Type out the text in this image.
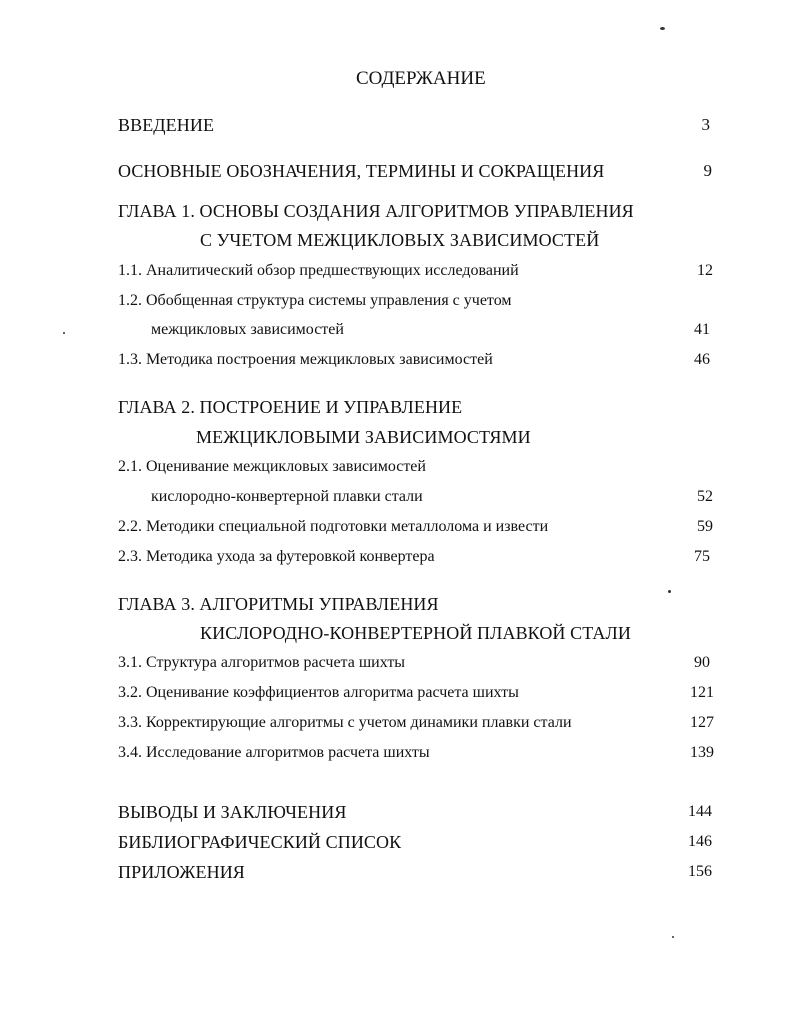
СОДЕРЖАНИЕ
ВВЕДЕНИЕ	3
ОСНОВНЫЕ ОБОЗНАЧЕНИЯ, ТЕРМИНЫ И СОКРАЩЕНИЯ	9
ГЛАВА 1. ОСНОВЫ СОЗДАНИЯ АЛГОРИТМОВ УПРАВЛЕНИЯ
С УЧЕТОМ МЕЖЦИКЛОВЫХ ЗАВИСИМОСТЕЙ
1.1. Аналитический обзор предшествующих исследований	12
1.2. Обобщенная структура системы управления с учетом
межцикловых зависимостей	41
1.3. Методика построения межцикловых зависимостей	46
ГЛАВА 2. ПОСТРОЕНИЕ И УПРАВЛЕНИЕ
МЕЖЦИКЛОВЫМИ ЗАВИСИМОСТЯМИ
2.1. Оценивание межцикловых зависимостей
кислородно-конвертерной плавки стали	52
2.2. Методики специальной подготовки металлолома и извести	59
2.3. Методика ухода за футеровкой конвертера	75
ГЛАВА 3. АЛГОРИТМЫ УПРАВЛЕНИЯ
КИСЛОРОДНО-КОНВЕРТЕРНОЙ ПЛАВКОЙ СТАЛИ
3.1. Структура алгоритмов расчета шихты	90
3.2. Оценивание коэффициентов алгоритма расчета шихты	121
3.3. Корректирующие алгоритмы с учетом динамики плавки стали	127
3.4. Исследование алгоритмов расчета шихты	139
ВЫВОДЫ И ЗАКЛЮЧЕНИЯ	144
БИБЛИОГРАФИЧЕСКИЙ СПИСОК	146
ПРИЛОЖЕНИЯ	156
